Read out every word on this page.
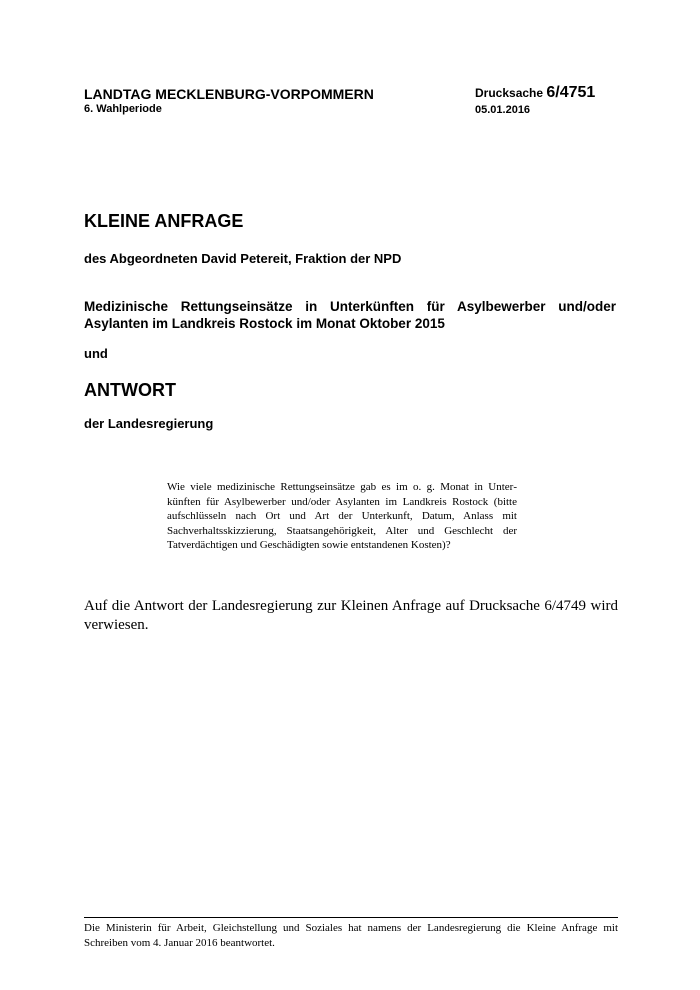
LANDTAG MECKLENBURG-VORPOMMERN
6. Wahlperiode
Drucksache 6/4751
05.01.2016
KLEINE ANFRAGE
des Abgeordneten David Petereit, Fraktion der NPD
Medizinische Rettungseinsätze in Unterkünften für Asylbewerber und/oder Asylanten im Landkreis Rostock im Monat Oktober 2015
und
ANTWORT
der Landesregierung
Wie viele medizinische Rettungseinsätze gab es im o. g. Monat in Unterkünften für Asylbewerber und/oder Asylanten im Landkreis Rostock (bitte aufschlüsseln nach Ort und Art der Unterkunft, Datum, Anlass mit Sachverhaltsskizzierung, Staatsangehörigkeit, Alter und Geschlecht der Tatverdächtigen und Geschädigten sowie entstandenen Kosten)?
Auf die Antwort der Landesregierung zur Kleinen Anfrage auf Drucksache 6/4749 wird verwiesen.
Die Ministerin für Arbeit, Gleichstellung und Soziales hat namens der Landesregierung die Kleine Anfrage mit Schreiben vom 4. Januar 2016 beantwortet.
